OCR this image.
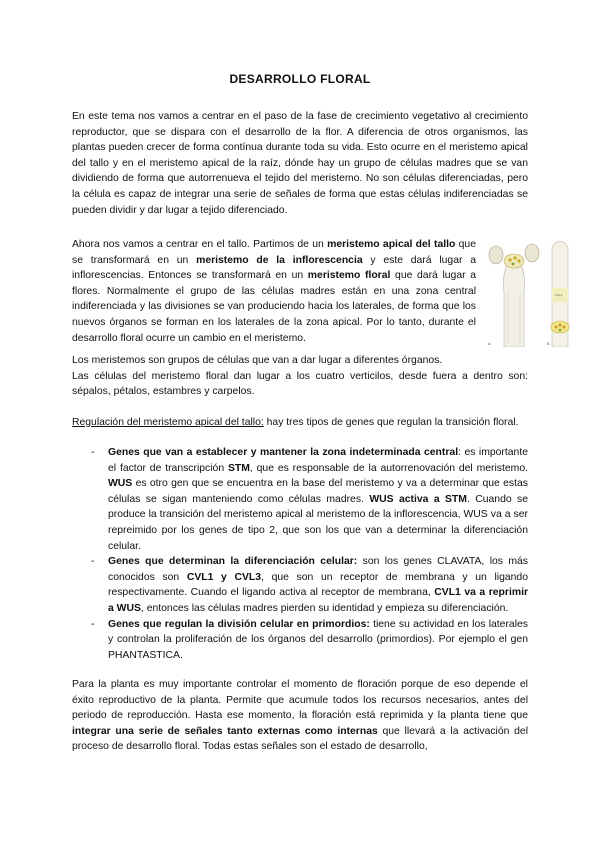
DESARROLLO FLORAL

En este tema nos vamos a centrar en el paso de la fase de crecimiento vegetativo al crecimiento reproductor, que se dispara con el desarrollo de la flor. A diferencia de otros organismos, las plantas pueden crecer de forma contínua durante toda su vida. Esto ocurre en el meristemo apical del tallo y en el meristemo apical de la raíz, dónde hay un grupo de células madres que se van dividiendo de forma que autorrenueva el tejido del meristemo. No son células diferenciadas, pero la célula es capaz de integrar una serie de señales de forma que estas células indiferenciadas se pueden dividir y dar lugar a tejido diferenciado.

Ahora nos vamos a centrar en el tallo. Partimos de un meristemo apical del tallo que se transformará en un meristemo de la inflorescencia y este dará lugar a inflorescencias. Entonces se transformará en un meristemo floral que dará lugar a flores. Normalmente el grupo de las células madres están en una zona central indiferenciada y las divisiones se van produciendo hacia los laterales, de forma que los nuevos órganos se forman en los laterales de la zona apical. Por lo tanto, durante el desarrollo floral ocurre un cambio en el meristemo.	A
L1/L2
B

Los meristemos son grupos de células que van a dar lugar a diferentes órganos.

Las células del meristemo floral dan lugar a los cuatro verticilos, desde fuera a dentro son: sépalos, pétalos, estambres y carpelos.

Regulación del meristemo apical del tallo: hay tres tipos de genes que regulan la transición floral.

- Genes que van a establecer y mantener la zona indeterminada central: es importante el factor de transcripción STM, que es responsable de la autorrenovación del meristemo. WUS es otro gen que se encuentra en la base del meristemo y va a determinar que estas células se sigan manteniendo como células madres. WUS activa a STM. Cuando se produce la transición del meristemo apical al meristemo de la inflorescencia, WUS va a ser repreimido por los genes de tipo 2, que son los que van a determinar la diferenciación celular.
- Genes que determinan la diferenciación celular: son los genes CLAVATA, los más conocidos son CVL1 y CVL3, que son un receptor de membrana y un ligando respectivamente. Cuando el ligando activa al receptor de membrana, CVL1 va a reprimir a WUS, entonces las células madres pierden su identidad y empieza su diferenciación.
- Genes que regulan la división celular en primordios: tiene su actividad en los laterales y controlan la proliferación de los órganos del desarrollo (primordios). Por ejemplo el gen PHANTASTICA.

Para la planta es muy importante controlar el momento de floración porque de eso depende el éxito reproductivo de la planta. Permite que acumule todos los recursos necesarios, antes del periodo de reproducción. Hasta ese momento, la floración está reprimida y la planta tiene que integrar una serie de señales tanto externas como internas que llevará a la activación del proceso de desarrollo floral. Todas estas señales son el estado de desarrollo,
